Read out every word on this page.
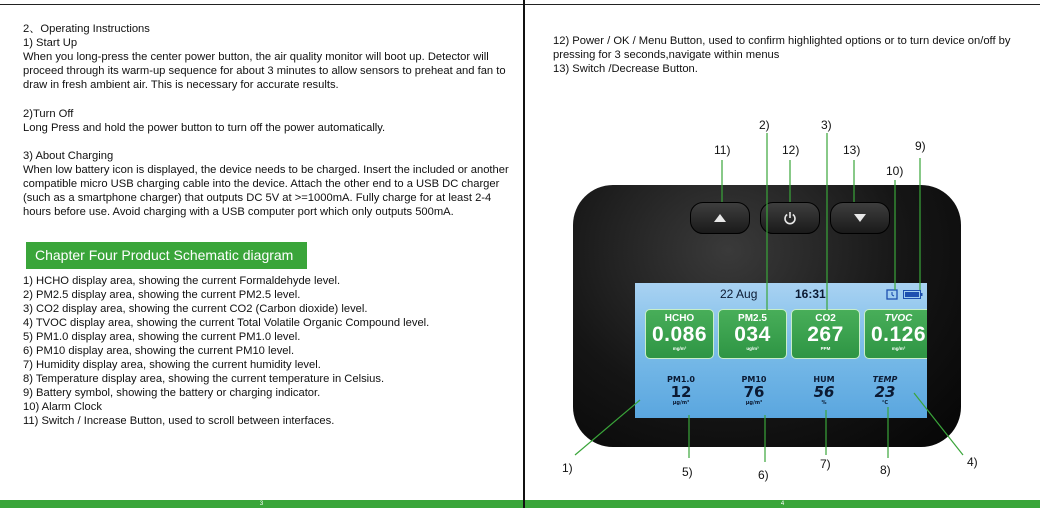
2、Operating Instructions

1) Start Up

When you long-press the center power button, the air quality monitor will boot up. Detector will proceed through its warm-up sequence for about 3 minutes to allow sensors to preheat and fan to draw in fresh ambient air. This is necessary for accurate results.

2)Turn Off

Long Press and hold the power button to turn off the power automatically.

3) About Charging

When low battery icon is displayed, the device needs to be charged. Insert the included or another compatible micro USB charging cable into the device. Attach the other end to a USB DC charger (such as a smartphone charger) that outputs DC 5V at >=1000mA. Fully charge for at least 2-4 hours before use. Avoid charging with a USB computer port which only outputs 500mA.

Chapter Four Product Schematic diagram

1) HCHO display area, showing the current Formaldehyde level.

2) PM2.5 display area, showing the current PM2.5 level.

3) CO2 display area, showing the current CO2 (Carbon dioxide) level.

4) TVOC display area, showing the current Total Volatile Organic Compound level.

5) PM1.0 display area, showing the current PM1.0 level.

6) PM10 display area, showing the current PM10 level.

7) Humidity display area, showing the current humidity level.

8) Temperature display area, showing the current temperature in Celsius.

9) Battery symbol, showing the battery or charging indicator.

10) Alarm Clock

11) Switch / Increase Button, used to scroll between interfaces.

3

12) Power / OK / Menu Button, used to confirm highlighted options or to turn device on/off by pressing for 3 seconds,navigate within menus

13) Switch /Decrease Button.

22 Aug	16:31
HCHO
0.086
mg/m³
PM2.5
034
ug/m³
CO2
267
PPM
TVOC
0.126
mg/m³
PM1.0
12
μg/m³
PM10
76
μg/m³
HUM
56
%
TEMP
23
°C
1)
2)	3)
4)
5)	6)
7)	8)
9)
10)
11)	12)	13)
4
